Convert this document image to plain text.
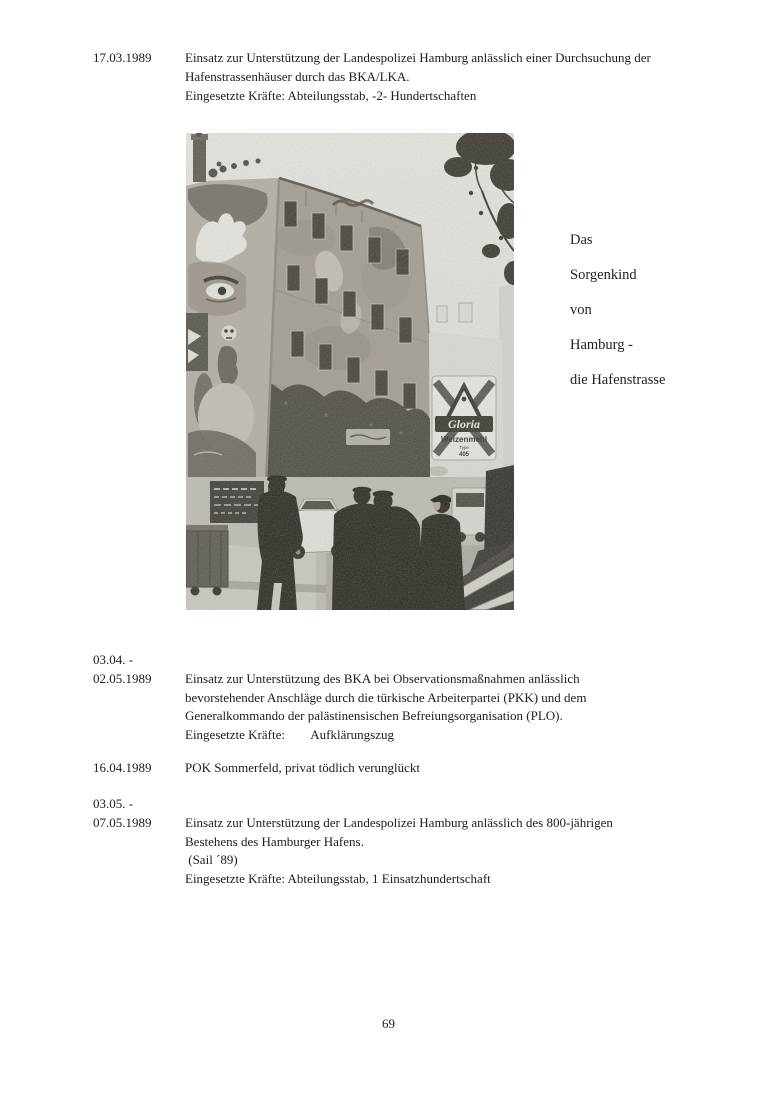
17.03.1989	Einsatz zur Unterstützung der Landespolizei Hamburg anlässlich einer Durchsuchung der
Hafenstrassenhäuser durch das BKA/LKA.
Eingesetzte Kräfte: Abteilungsstab, -2- Hundertschaften
Gloria
Weizenmehl
Type
405
Das
Sorgenkind
von
Hamburg -
die Hafenstrasse
03.04. -
02.05.1989	Einsatz zur Unterstützung des BKA bei Observationsmaßnahmen anlässlich
bevorstehender Anschläge durch die türkische Arbeiterpartei (PKK) und dem
Generalkommando der palästinensischen Befreiungsorganisation (PLO).
Eingesetzte Kräfte:        Aufklärungszug
16.04.1989	POK Sommerfeld, privat tödlich verunglückt
03.05. -
07.05.1989	Einsatz zur Unterstützung der Landespolizei Hamburg anlässlich des 800-jährigen
Bestehens des Hamburger Hafens.
(Sail ´89)
Eingesetzte Kräfte: Abteilungsstab, 1 Einsatzhundertschaft
69
